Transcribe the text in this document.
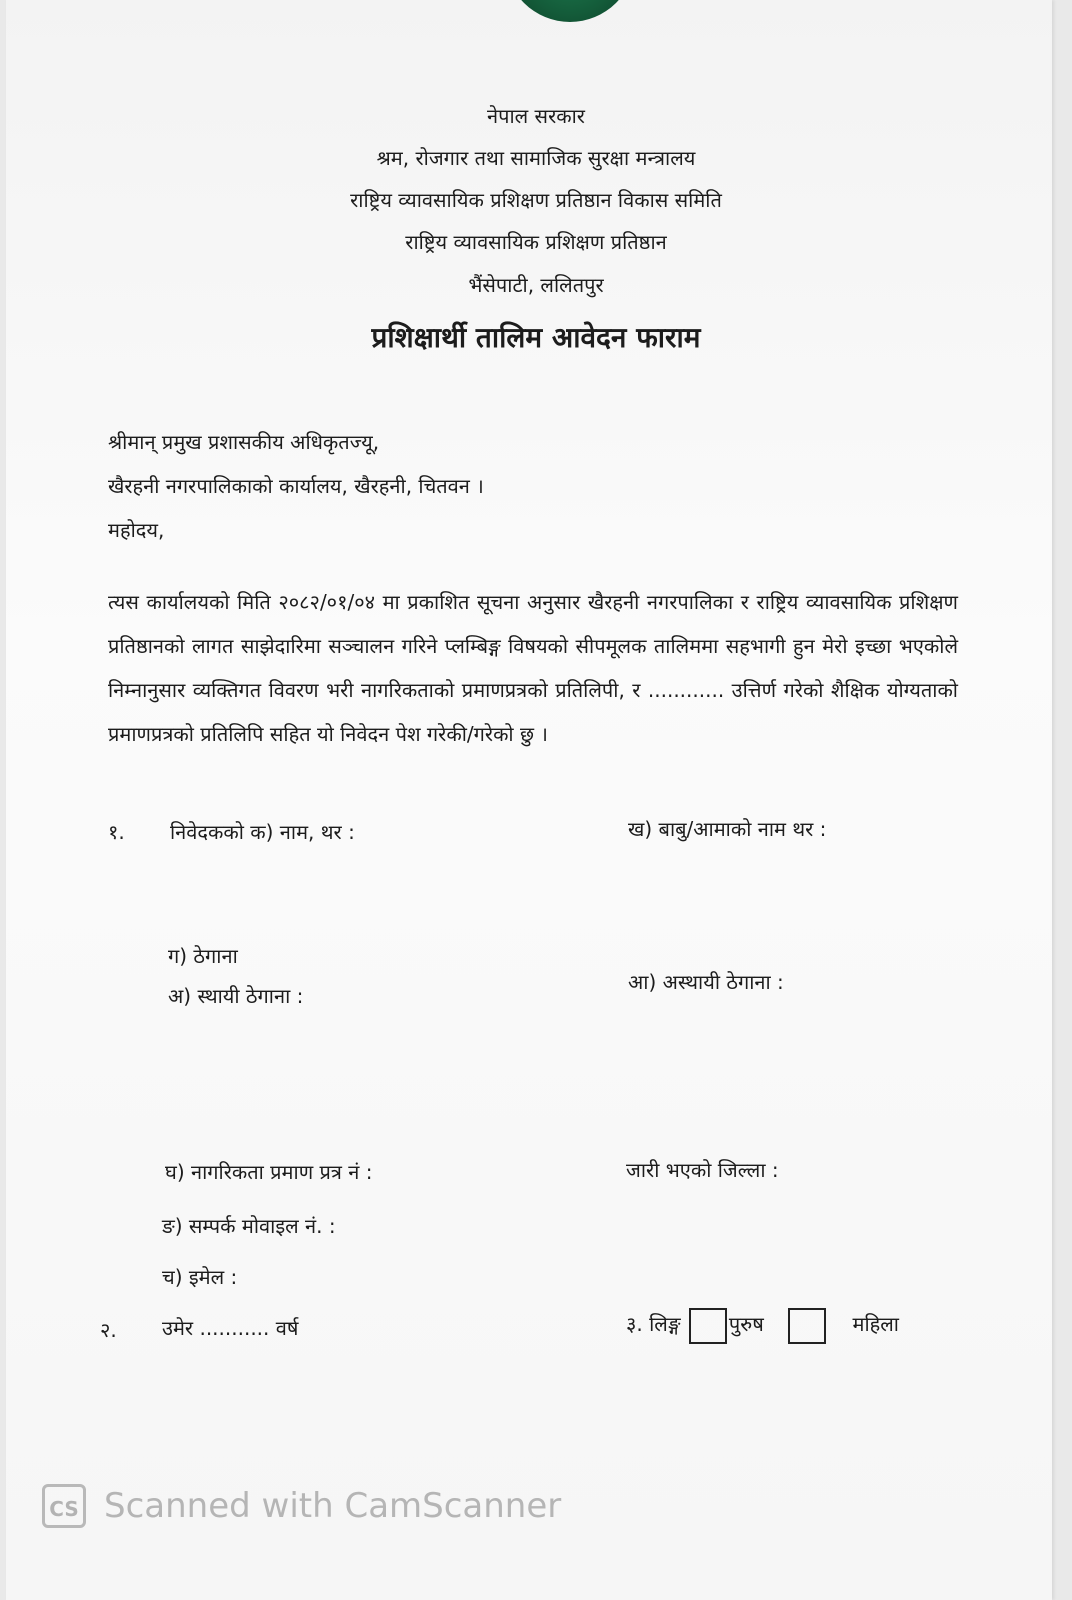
नेपाल सरकार
श्रम, रोजगार तथा सामाजिक सुरक्षा मन्त्रालय
राष्ट्रिय व्यावसायिक प्रशिक्षण प्रतिष्ठान विकास समिति
राष्ट्रिय व्यावसायिक प्रशिक्षण प्रतिष्ठान
भैंसेपाटी, ललितपुर
प्रशिक्षार्थी तालिम आवेदन फाराम
श्रीमान् प्रमुख प्रशासकीय अधिकृतज्यू,
खैरहनी नगरपालिकाको कार्यालय, खैरहनी, चितवन ।
महोदय,
त्यस कार्यालयको मिति २०८२/०१/०४ मा प्रकाशित सूचना अनुसार खैरहनी नगरपालिका र राष्ट्रिय व्यावसायिक प्रशिक्षण प्रतिष्ठानको लागत साझेदारिमा सञ्चालन गरिने प्लम्बिङ्ग विषयको सीपमूलक तालिममा सहभागी हुन मेरो इच्छा भएकोले निम्नानुसार व्यक्तिगत विवरण भरी नागरिकताको प्रमाणप्रत्रको प्रतिलिपी, र ............ उत्तिर्ण गरेको शैक्षिक योग्यताको प्रमाणप्रत्रको प्रतिलिपि सहित यो निवेदन पेश गरेकी/गरेको छु ।
१. निवेदकको क) नाम, थर :	ख) बाबु/आमाको नाम थर :
ग) ठेगाना
अ) स्थायी ठेगाना :
आ) अस्थायी ठेगाना :
घ) नागरिकता प्रमाण प्रत्र नं :	जारी भएको जिल्ला :
ङ) सम्पर्क मोवाइल नं. :
च) इमेल :
२. उमेर ........... वर्ष	३. लिङ्ग पुरुष	महिला
CS Scanned with CamScanner
